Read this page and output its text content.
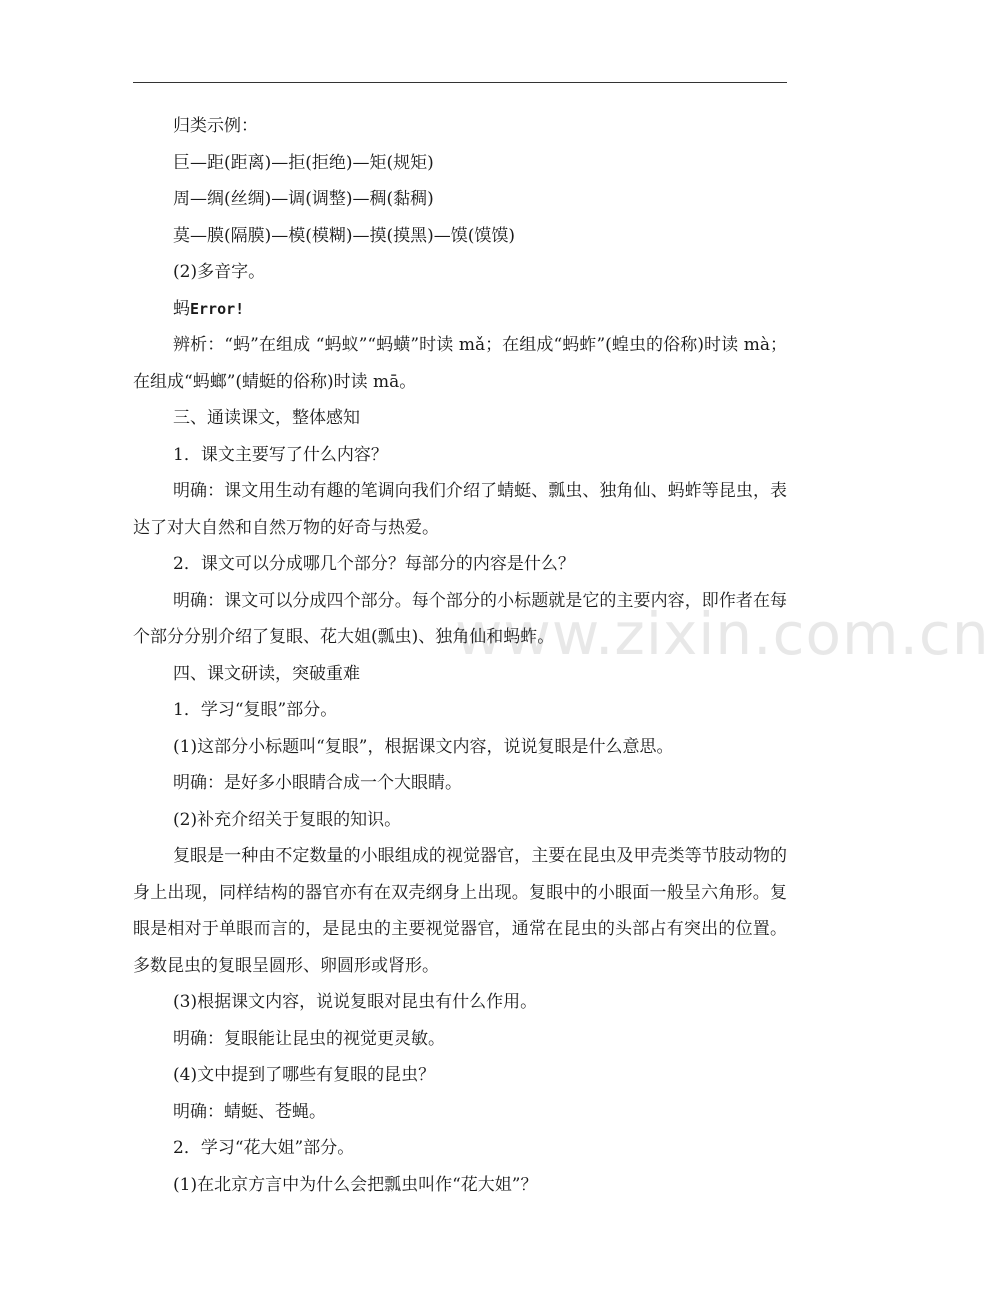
www.zixin.com.cn

归类示例：

巨—距(距离)—拒(拒绝)—矩(规矩)

周—绸(丝绸)—调(调整)—稠(黏稠)

莫—膜(隔膜)—模(模糊)—摸(摸黑)—馍(馍馍)

(2)多音字。

蚂Error!

辨析：“蚂”在组成 “蚂蚁”“蚂蟥”时读 mǎ；在组成“蚂蚱”(蝗虫的俗称)时读 mà；在组成“蚂螂”(蜻蜓的俗称)时读 mā。

三、通读课文，整体感知

1．课文主要写了什么内容？

明确：课文用生动有趣的笔调向我们介绍了蜻蜓、瓢虫、独角仙、蚂蚱等昆虫，表达了对大自然和自然万物的好奇与热爱。

2．课文可以分成哪几个部分？每部分的内容是什么？

明确：课文可以分成四个部分。每个部分的小标题就是它的主要内容，即作者在每个部分分别介绍了复眼、花大姐(瓢虫)、独角仙和蚂蚱。

四、课文研读，突破重难

1．学习“复眼”部分。

(1)这部分小标题叫“复眼”，根据课文内容，说说复眼是什么意思。

明确：是好多小眼睛合成一个大眼睛。

(2)补充介绍关于复眼的知识。

复眼是一种由不定数量的小眼组成的视觉器官，主要在昆虫及甲壳类等节肢动物的身上出现，同样结构的器官亦有在双壳纲身上出现。复眼中的小眼面一般呈六角形。复眼是相对于单眼而言的，是昆虫的主要视觉器官，通常在昆虫的头部占有突出的位置。多数昆虫的复眼呈圆形、卵圆形或肾形。

(3)根据课文内容，说说复眼对昆虫有什么作用。

明确：复眼能让昆虫的视觉更灵敏。

(4)文中提到了哪些有复眼的昆虫？

明确：蜻蜓、苍蝇。

2．学习“花大姐”部分。

(1)在北京方言中为什么会把瓢虫叫作“花大姐”？
